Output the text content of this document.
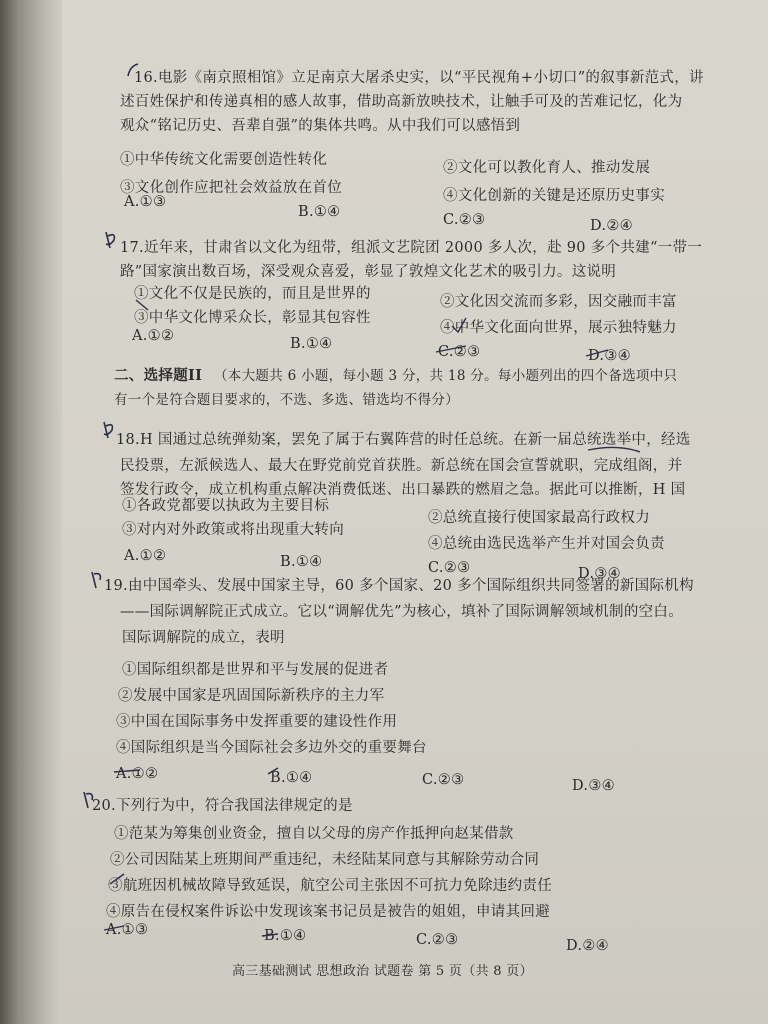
16.电影《南京照相馆》立足南京大屠杀史实，以“平民视角+小切口”的叙事新范式，讲
述百姓保护和传递真相的感人故事，借助高新放映技术，让触手可及的苦难记忆，化为
观众“铭记历史、吾辈自强”的集体共鸣。从中我们可以感悟到
①中华传统文化需要创造性转化	②文化可以教化育人、推动发展
③文化创作应把社会效益放在首位	④文化创新的关键是还原历史事实
A.①③
B.①④	C.②③	D.②④
17.近年来，甘肃省以文化为纽带，组派文艺院团 2000 多人次，赴 90 多个共建“一带一
路”国家演出数百场，深受观众喜爱，彰显了敦煌文化艺术的吸引力。这说明
①文化不仅是民族的，而且是世界的	②文化因交流而多彩，因交融而丰富
③中华文化博采众长，彰显其包容性
④中华文化面向世界，展示独特魅力
A.①②	B.①④	C.②③	D.③④
二、选择题II （本大题共 6 小题，每小题 3 分，共 18 分。每小题列出的四个备选项中只
有一个是符合题目要求的，不选、多选、错选均不得分）
18.H 国通过总统弹劾案，罢免了属于右翼阵营的时任总统。在新一届总统选举中，经选
民投票，左派候选人、最大在野党前党首获胜。新总统在国会宣誓就职，完成组阁，并
签发行政令，成立机构重点解决消费低迷、出口暴跌的燃眉之急。据此可以推断，H 国
①各政党都要以执政为主要目标
②总统直接行使国家最高行政权力
③对内对外政策或将出现重大转向
④总统由选民选举产生并对国会负责
A.①②	B.①④	C.②③	D.③④
19.由中国牵头、发展中国家主导，60 多个国家、20 多个国际组织共同签署的新国际机构
——国际调解院正式成立。它以“调解优先”为核心，填补了国际调解领域机制的空白。
国际调解院的成立，表明
①国际组织都是世界和平与发展的促进者
②发展中国家是巩固国际新秩序的主力军
③中国在国际事务中发挥重要的建设性作用
④国际组织是当今国际社会多边外交的重要舞台
A.①②	B.①④	C.②③	D.③④
20.下列行为中，符合我国法律规定的是
①范某为筹集创业资金，擅自以父母的房产作抵押向赵某借款
②公司因陆某上班期间严重违纪，未经陆某同意与其解除劳动合同
③航班因机械故障导致延误，航空公司主张因不可抗力免除违约责任
④原告在侵权案件诉讼中发现该案书记员是被告的姐姐，申请其回避
A.①③	B.①④	C.②③	D.②④
高三基础测试 思想政治 试题卷 第 5 页（共 8 页）
